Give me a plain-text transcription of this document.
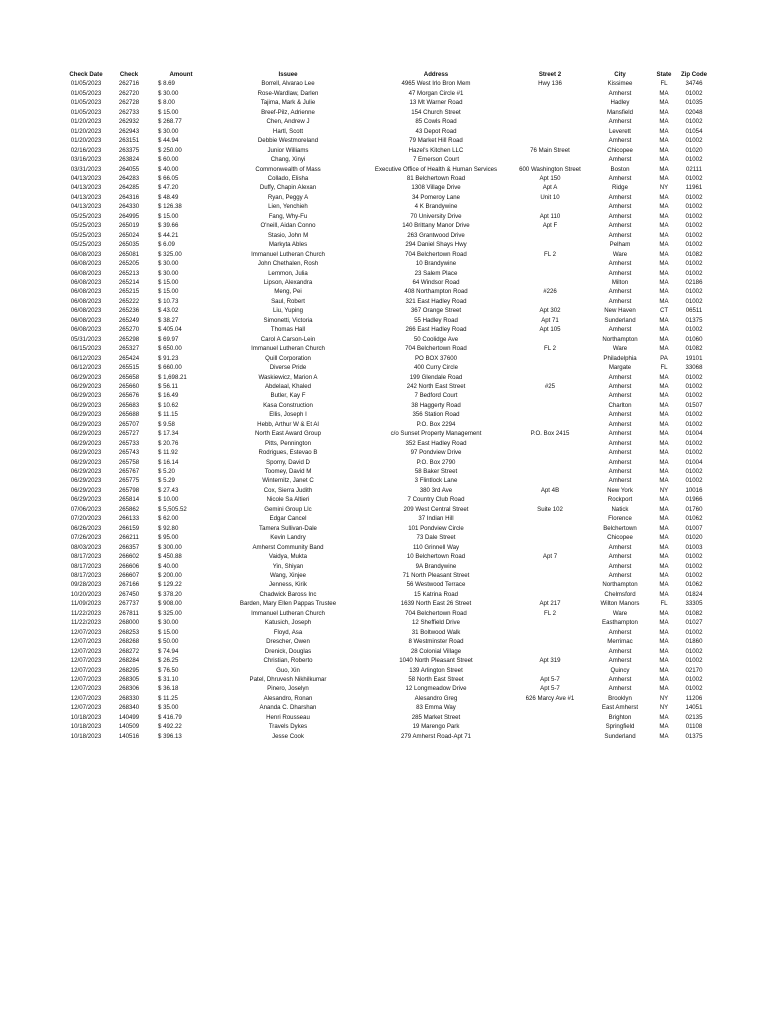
Check Date	Check	Amount	Issuee	Address	Street 2	City	State	Zip Code
01/05/2023	262716	$ 8.69	Borrell, Alvarao Lee	4965 West Irlo Bron Mem	Hwy 136	Kissimee	FL	34746
01/05/2023	262720	$ 30.00	Rose-Wardlaw, Darlen	47 Morgan Circle #1		Amherst	MA	01002
01/05/2023	262728	$ 8.00	Tajima, Mark & Julie	13 Mt Warner Road		Hadley	MA	01035
01/05/2023	262733	$ 15.00	Breef-Pilz, Adrienne	154 Church Street		Mansfield	MA	02048
01/20/2023	262932	$ 268.77	Chen, Andrew J	85 Cowls Road		Amherst	MA	01002
01/20/2023	262943	$ 30.00	Hartl, Scott	43 Depot Road		Leverett	MA	01054
01/20/2023	263151	$ 44.94	Debbie Westmoreland	79 Market Hill Road		Amherst	MA	01002
02/16/2023	263375	$ 250.00	Junior Williams	Hazel's Kitchen LLC	76 Main Street	Chicopee	MA	01020
03/16/2023	263824	$ 60.00	Chang, Xinyi	7 Emerson Court		Amherst	MA	01002
03/31/2023	264055	$ 40.00	Commonwealth of Mass	Executive Office of Health & Human Services	600 Washington Street	Boston	MA	02111
04/13/2023	264283	$ 66.05	Collado, Elisha	81 Belchertown Road	Apt 150	Amherst	MA	01002
04/13/2023	264285	$ 47.20	Duffy, Chapin Alexan	1308 Village Drive	Apt A	Ridge	NY	11961
04/13/2023	264316	$ 48.49	Ryan, Peggy A	34 Pomeroy Lane	Unit 10	Amherst	MA	01002
04/13/2023	264330	$ 126.38	Lien, Yenchieh	4 K Brandywine		Amherst	MA	01002
05/25/2023	264995	$ 15.00	Fang, Why-Fu	70 University Drive	Apt 110	Amherst	MA	01002
05/25/2023	265019	$ 39.66	O'neill, Aidan Conno	140 Brittany Manor Drive	Apt F	Amherst	MA	01002
05/25/2023	265024	$ 44.21	Stasio, John M	263 Grantwood Drive		Amherst	MA	01002
05/25/2023	265035	$ 6.09	Markyta Ables	294 Daniel Shays Hwy		Pelham	MA	01002
06/08/2023	265081	$ 325.00	Immanuel Lutheran Church	704 Belchertown Road	FL 2	Ware	MA	01082
06/08/2023	265205	$ 30.00	John Chethalen, Rosh	10 Brandywine		Amherst	MA	01002
06/08/2023	265213	$ 30.00	Lemmon, Julia	23 Salem Place		Amherst	MA	01002
06/08/2023	265214	$ 15.00	Lipson, Alexandra	64 Windsor Road		Milton	MA	02186
06/08/2023	265215	$ 15.00	Meng, Pei	408 Northampton Road	#226	Amherst	MA	01002
06/08/2023	265222	$ 10.73	Saul, Robert	321 East Hadley Road		Amherst	MA	01002
06/08/2023	265236	$ 43.02	Liu, Yuping	367 Orange Street	Apt 302	New Haven	CT	06511
06/08/2023	265249	$ 38.27	Simonetti, Victoria	55 Hadley Road	Apt 71	Sunderland	MA	01375
06/08/2023	265270	$ 405.04	Thomas Hall	266 East Hadley Road	Apt 105	Amherst	MA	01002
05/31/2023	265298	$ 69.97	Carol A Carson-Lein	50 Coolidge Ave		Northampton	MA	01060
06/15/2023	265327	$ 650.00	Immanuel Lutheran Church	704 Belchertown Road	FL 2	Ware	MA	01082
06/12/2023	265424	$ 91.23	Quill Corporation	PO BOX 37600		Philadelphia	PA	19101
06/12/2023	265515	$ 660.00	Diverse Pride	400 Curry Circle		Margate	FL	33068
06/29/2023	265658	$ 1,698.21	Waskiewicz, Marion A	199 Glendale Road		Amherst	MA	01002
06/29/2023	265660	$ 56.11	Abdelaal, Khaled	242 North East Street	#25	Amherst	MA	01002
06/29/2023	265676	$ 16.49	Butler, Kay F	7 Bedford Court		Amherst	MA	01002
06/29/2023	265683	$ 10.62	Kasa Construction	38 Haggerty Road		Charlton	MA	01507
06/29/2023	265688	$ 11.15	Ellis, Joseph I	356 Station Road		Amherst	MA	01002
06/29/2023	265707	$ 9.58	Hebb, Arthur W & Et Al	P.O. Box 2294		Amherst	MA	01002
06/29/2023	265727	$ 17.34	North East Award Group	c/o Sunset Property Management	P.O. Box 2415	Amherst	MA	01004
06/29/2023	265733	$ 20.76	Pitts, Pennington	352 East Hadley Road		Amherst	MA	01002
06/29/2023	265743	$ 11.92	Rodrigues, Estevao B	97 Pondview Drive		Amherst	MA	01002
06/29/2023	265758	$ 16.14	Sporny, David D	P.O. Box 2790		Amherst	MA	01004
06/29/2023	265767	$ 5.20	Toomey, David M	58 Baker Street		Amherst	MA	01002
06/29/2023	265775	$ 5.29	Winternitz, Janet C	3 Flintlock Lane		Amherst	MA	01002
06/29/2023	265798	$ 27.43	Cox, Sierra Judith	380 3rd Ave	Apt 4B	New York	NY	10016
06/29/2023	265814	$ 10.00	Nicole Sa Altieri	7 Country Club Road		Rockport	MA	01966
07/06/2023	265862	$ 5,505.52	Gemini Group Llc	209 West Central Street	Suite 102	Natick	MA	01760
07/20/2023	266133	$ 62.00	Edgar Cancel	37 Indian Hill		Florence	MA	01062
06/26/2023	266159	$ 92.80	Tamera Sullivan-Dale	101 Pondview Circle		Belchertown	MA	01007
07/26/2023	266211	$ 95.00	Kevin Landry	73 Dale Street		Chicopee	MA	01020
08/03/2023	266357	$ 300.00	Amherst Community Band	110 Grinnell Way		Amherst	MA	01003
08/17/2023	266602	$ 450.88	Vaidya, Mukta	10 Belchertown Road	Apt 7	Amherst	MA	01002
08/17/2023	266606	$ 40.00	Yin, Shiyan	9A Brandywine		Amherst	MA	01002
08/17/2023	266607	$ 200.00	Wang, Xinjee	71 North Pleasant Street		Amherst	MA	01002
09/28/2023	267166	$ 129.22	Jenness, Kirik	56 Westwood Terrace		Northampton	MA	01062
10/20/2023	267450	$ 378.20	Chadwick Baross Inc	15 Katrina Road		Chelmsford	MA	01824
11/09/2023	267737	$ 908.00	Barden, Mary Ellen Pappas Trustee	1639 North East 26 Street	Apt 217	Wilton Manors	FL	33305
11/22/2023	267811	$ 325.00	Immanuel Lutheran Church	704 Belchertown Road	FL 2	Ware	MA	01082
11/22/2023	268000	$ 30.00	Katusich, Joseph	12 Sheffield Drive		Easthampton	MA	01027
12/07/2023	268253	$ 15.00	Floyd, Asa	31 Boltwood Walk		Amherst	MA	01002
12/07/2023	268268	$ 50.00	Drescher, Owen	8 Westminster Road		Merrimac	MA	01860
12/07/2023	268272	$ 74.94	Drenick, Douglas	28 Colonial Village		Amherst	MA	01002
12/07/2023	268284	$ 26.25	Christian, Roberto	1040 North Pleasant Street	Apt 319	Amherst	MA	01002
12/07/2023	268295	$ 76.50	Guo, Xin	139 Arlington Street		Quincy	MA	02170
12/07/2023	268305	$ 31.10	Patel, Dhruvesh Nikhilkumar	58 North East Street	Apt 5-7	Amherst	MA	01002
12/07/2023	268306	$ 36.18	Pinero, Joselyn	12 Longmeadow Drive	Apt 5-7	Amherst	MA	01002
12/07/2023	268330	$ 11.25	Alesandro, Ronan	Alesandro Greg	626 Marcy Ave #1	Brooklyn	NY	11206
12/07/2023	268340	$ 35.00	Ananda C. Dharshan	83 Emma Way		East Amherst	NY	14051
10/18/2023	140499	$ 416.79	Henri Rousseau	285 Market Street		Brighton	MA	02135
10/18/2023	140509	$ 492.22	Travels Dykes	19 Marengo Park		Springfield	MA	01108
10/18/2023	140516	$ 396.13	Jesse Cook	279 Amherst Road-Apt 71		Sunderland	MA	01375
